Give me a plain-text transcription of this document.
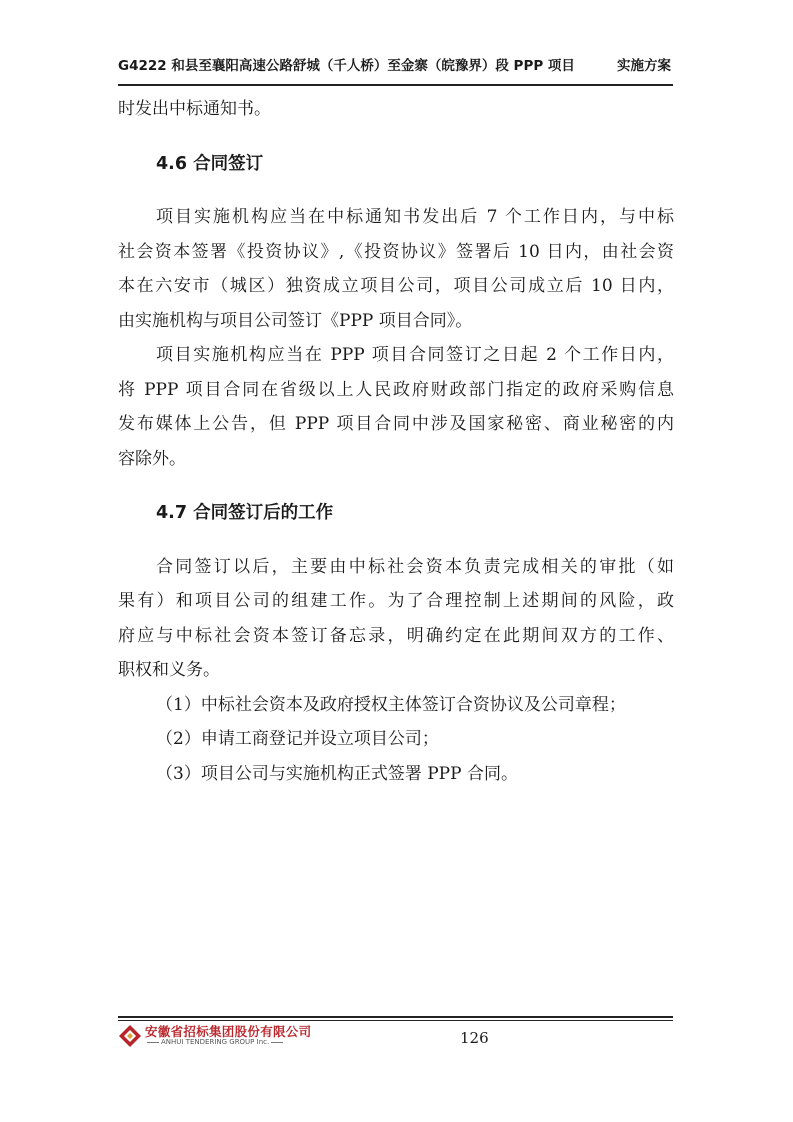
G4222 和县至襄阳高速公路舒城（千人桥）至金寨（皖豫界）段 PPP 项目	实施方案
时发出中标通知书。
4.6 合同签订
项目实施机构应当在中标通知书发出后 7 个工作日内，与中标
社会资本签署《投资协议》,《投资协议》签署后 10 日内，由社会资
本在六安市（城区）独资成立项目公司，项目公司成立后 10 日内，
由实施机构与项目公司签订《PPP 项目合同》。
项目实施机构应当在 PPP 项目合同签订之日起 2 个工作日内，
将 PPP 项目合同在省级以上人民政府财政部门指定的政府采购信息
发布媒体上公告，但 PPP 项目合同中涉及国家秘密、商业秘密的内
容除外。
4.7 合同签订后的工作
合同签订以后，主要由中标社会资本负责完成相关的审批（如
果有）和项目公司的组建工作。为了合理控制上述期间的风险，政
府应与中标社会资本签订备忘录，明确约定在此期间双方的工作、
职权和义务。
（1）中标社会资本及政府授权主体签订合资协议及公司章程；
（2）申请工商登记并设立项目公司；
（3）项目公司与实施机构正式签署 PPP 合同。
安徽省招标集团股份有限公司
ANHUI TENDERING GROUP Inc.	126
